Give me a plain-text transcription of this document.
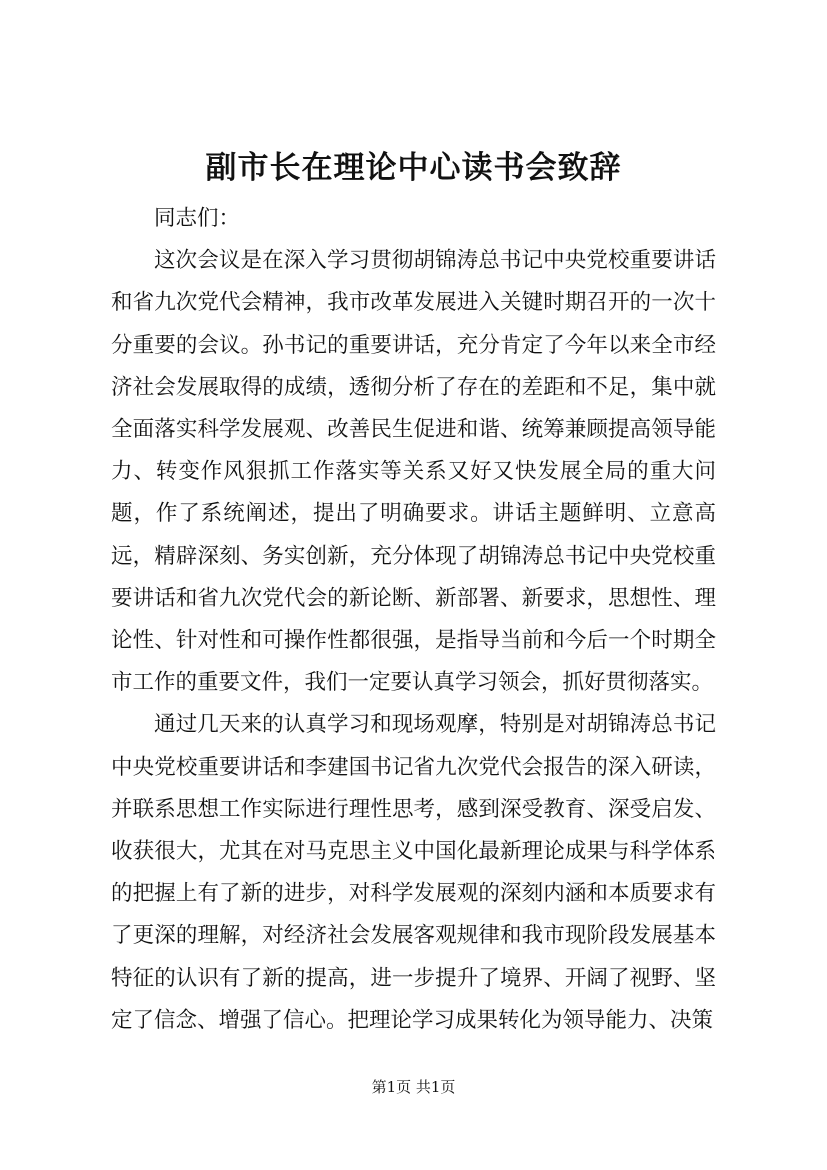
副市长在理论中心读书会致辞

同志们：

这次会议是在深入学习贯彻胡锦涛总书记中央党校重要讲话和省九次党代会精神，我市改革发展进入关键时期召开的一次十分重要的会议。孙书记的重要讲话，充分肯定了今年以来全市经济社会发展取得的成绩，透彻分析了存在的差距和不足，集中就全面落实科学发展观、改善民生促进和谐、统筹兼顾提高领导能力、转变作风狠抓工作落实等关系又好又快发展全局的重大问题，作了系统阐述，提出了明确要求。讲话主题鲜明、立意高远，精辟深刻、务实创新，充分体现了胡锦涛总书记中央党校重要讲话和省九次党代会的新论断、新部署、新要求，思想性、理论性、针对性和可操作性都很强，是指导当前和今后一个时期全市工作的重要文件，我们一定要认真学习领会，抓好贯彻落实。

通过几天来的认真学习和现场观摩，特别是对胡锦涛总书记中央党校重要讲话和李建国书记省九次党代会报告的深入研读，并联系思想工作实际进行理性思考，感到深受教育、深受启发、收获很大，尤其在对马克思主义中国化最新理论成果与科学体系的把握上有了新的进步，对科学发展观的深刻内涵和本质要求有了更深的理解，对经济社会发展客观规律和我市现阶段发展基本特征的认识有了新的提高，进一步提升了境界、开阔了视野、坚定了信念、增强了信心。把理论学习成果转化为领导能力、决策

第1页 共1页
